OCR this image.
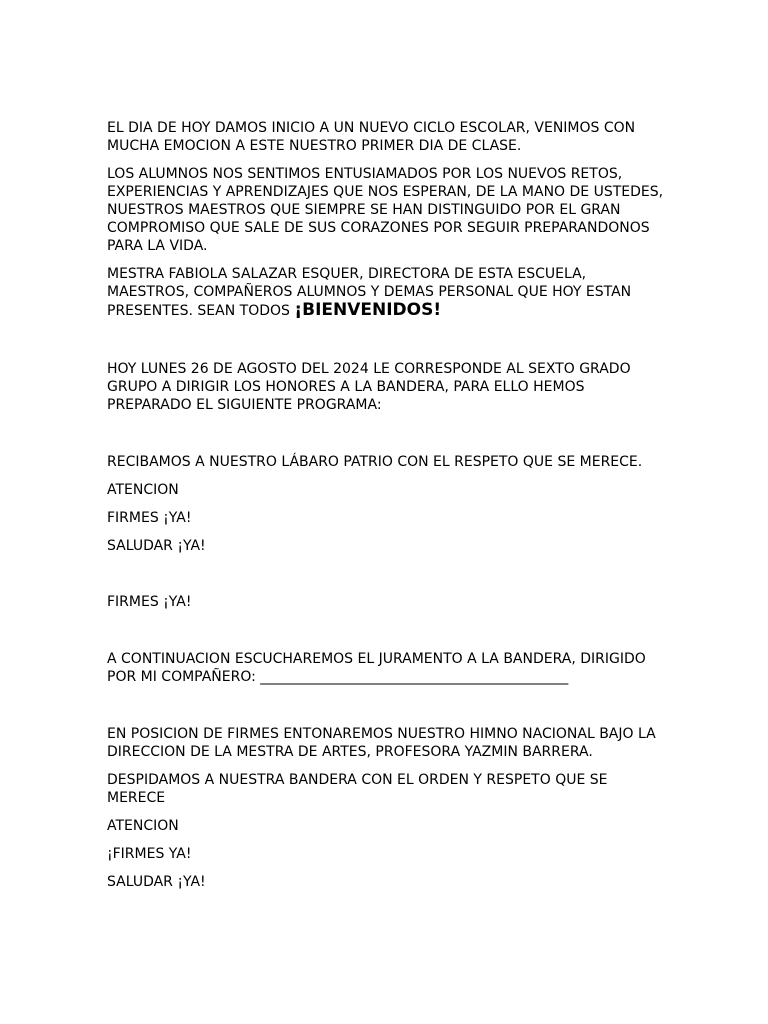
EL DIA DE HOY DAMOS INICIO A UN NUEVO CICLO ESCOLAR, VENIMOS CON
MUCHA EMOCION A ESTE NUESTRO PRIMER DIA DE CLASE.

LOS ALUMNOS NOS SENTIMOS ENTUSIAMADOS POR LOS NUEVOS RETOS,
EXPERIENCIAS Y APRENDIZAJES QUE NOS ESPERAN, DE LA MANO DE USTEDES,
NUESTROS MAESTROS QUE SIEMPRE SE HAN DISTINGUIDO POR EL GRAN
COMPROMISO QUE SALE DE SUS CORAZONES POR SEGUIR PREPARANDONOS
PARA LA VIDA.

MESTRA FABIOLA SALAZAR ESQUER, DIRECTORA DE ESTA ESCUELA,
MAESTROS, COMPAÑEROS ALUMNOS Y DEMAS PERSONAL QUE HOY ESTAN
PRESENTES. SEAN TODOS ¡BIENVENIDOS!

HOY LUNES 26 DE AGOSTO DEL 2024 LE CORRESPONDE AL SEXTO GRADO
GRUPO A DIRIGIR LOS HONORES A LA BANDERA, PARA ELLO HEMOS
PREPARADO EL SIGUIENTE PROGRAMA:

RECIBAMOS A NUESTRO LÁBARO PATRIO CON EL RESPETO QUE SE MERECE.

ATENCION

FIRMES ¡YA!

SALUDAR ¡YA!

FIRMES ¡YA!

A CONTINUACION ESCUCHAREMOS EL JURAMENTO A LA BANDERA, DIRIGIDO
POR MI COMPAÑERO: ____________________________________________

EN POSICION DE FIRMES ENTONAREMOS NUESTRO HIMNO NACIONAL BAJO LA
DIRECCION DE LA MESTRA DE ARTES, PROFESORA YAZMIN BARRERA.

DESPIDAMOS A NUESTRA BANDERA CON EL ORDEN Y RESPETO QUE SE
MERECE

ATENCION

¡FIRMES YA!

SALUDAR ¡YA!
